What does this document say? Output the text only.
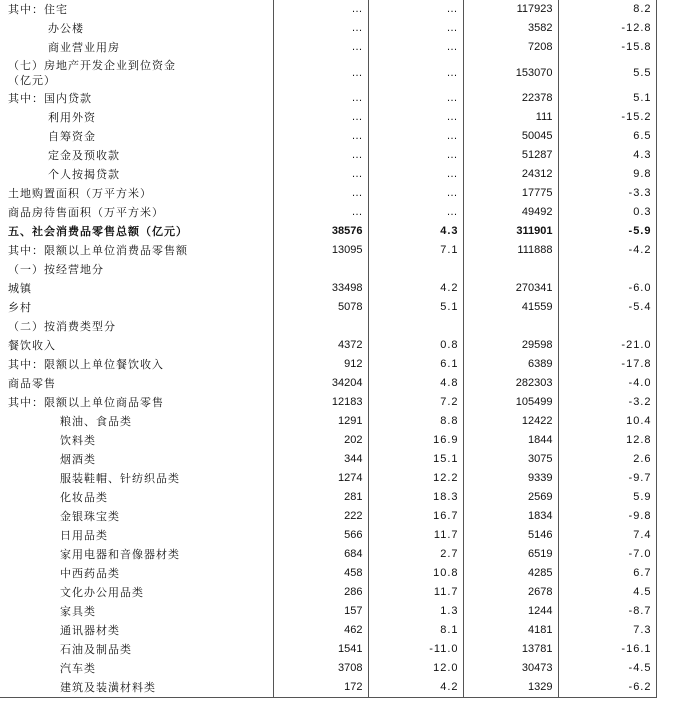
其中：住宅	…	…	117923	8.2
办公楼	…	…	3582	-12.8
商业营业用房	…	…	7208	-15.8
（七）房地产开发企业到位资金
（亿元）	…	…	153070	5.5
其中：国内贷款	…	…	22378	5.1
利用外资	…	…	111	-15.2
自筹资金	…	…	50045	6.5
定金及预收款	…	…	51287	4.3
个人按揭贷款	…	…	24312	9.8
土地购置面积（万平方米）	…	…	17775	-3.3
商品房待售面积（万平方米）	…	…	49492	0.3
五、社会消费品零售总额（亿元）	38576	4.3	311901	-5.9
其中：限额以上单位消费品零售额	13095	7.1	111888	-4.2
（一）按经营地分				
城镇	33498	4.2	270341	-6.0
乡村	5078	5.1	41559	-5.4
（二）按消费类型分				
餐饮收入	4372	0.8	29598	-21.0
其中：限额以上单位餐饮收入	912	6.1	6389	-17.8
商品零售	34204	4.8	282303	-4.0
其中：限额以上单位商品零售	12183	7.2	105499	-3.2
粮油、食品类	1291	8.8	12422	10.4
饮料类	202	16.9	1844	12.8
烟酒类	344	15.1	3075	2.6
服装鞋帽、针纺织品类	1274	12.2	9339	-9.7
化妆品类	281	18.3	2569	5.9
金银珠宝类	222	16.7	1834	-9.8
日用品类	566	11.7	5146	7.4
家用电器和音像器材类	684	2.7	6519	-7.0
中西药品类	458	10.8	4285	6.7
文化办公用品类	286	11.7	2678	4.5
家具类	157	1.3	1244	-8.7
通讯器材类	462	8.1	4181	7.3
石油及制品类	1541	-11.0	13781	-16.1
汽车类	3708	12.0	30473	-4.5
建筑及装潢材料类	172	4.2	1329	-6.2
